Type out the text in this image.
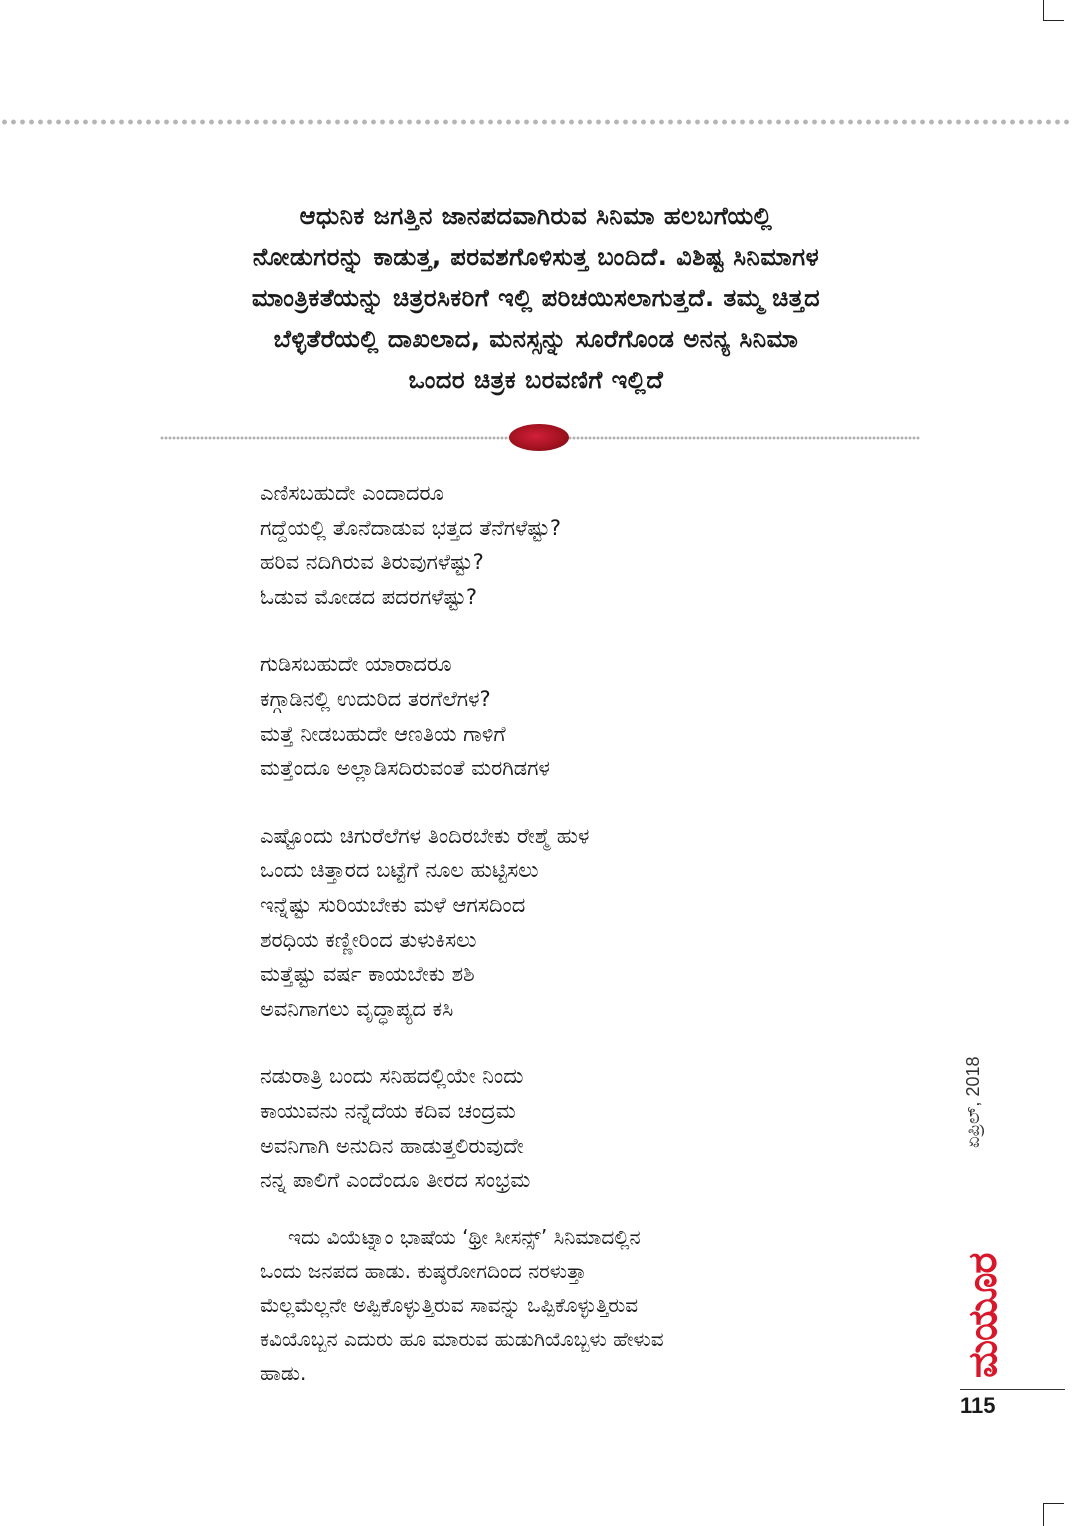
ಆಧುನಿಕ ಜಗತ್ತಿನ ಜಾನಪದವಾಗಿರುವ ಸಿನಿಮಾ ಹಲಬಗೆಯಲ್ಲಿ
ನೋಡುಗರನ್ನು ಕಾಡುತ್ತ, ಪರವಶಗೊಳಿಸುತ್ತ ಬಂದಿದೆ. ವಿಶಿಷ್ಟ ಸಿನಿಮಾಗಳ
ಮಾಂತ್ರಿಕತೆಯನ್ನು ಚಿತ್ರರಸಿಕರಿಗೆ ಇಲ್ಲಿ ಪರಿಚಯಿಸಲಾಗುತ್ತದೆ. ತಮ್ಮ ಚಿತ್ತದ
ಬೆಳ್ಳಿತೆರೆಯಲ್ಲಿ ದಾಖಲಾದ, ಮನಸ್ಸನ್ನು ಸೂರೆಗೊಂಡ ಅನನ್ಯ ಸಿನಿಮಾ
ಒಂದರ ಚಿತ್ರಕ ಬರವಣಿಗೆ ಇಲ್ಲಿದೆ
ಎಣಿಸಬಹುದೇ ಎಂದಾದರೂ
ಗದ್ದೆಯಲ್ಲಿ ತೊನೆದಾಡುವ ಭತ್ತದ ತೆನೆಗಳೆಷ್ಟು?
ಹರಿವ ನದಿಗಿರುವ ತಿರುವುಗಳೆಷ್ಟು?
ಓಡುವ ಮೋಡದ ಪದರಗಳೆಷ್ಟು?
ಗುಡಿಸಬಹುದೇ ಯಾರಾದರೂ
ಕಗ್ಗಾಡಿನಲ್ಲಿ ಉದುರಿದ ತರಗೆಲೆಗಳ?
ಮತ್ತೆ ನೀಡಬಹುದೇ ಆಣತಿಯ ಗಾಳಿಗೆ
ಮತ್ತೆಂದೂ ಅಲ್ಲಾಡಿಸದಿರುವಂತೆ ಮರಗಿಡಗಳ
ಎಷ್ಟೊಂದು ಚಿಗುರೆಲೆಗಳ ತಿಂದಿರಬೇಕು ರೇಶ್ಮೆ ಹುಳ
ಒಂದು ಚಿತ್ತಾರದ ಬಟ್ಟೆಗೆ ನೂಲ ಹುಟ್ಟಿಸಲು
ಇನ್ನೆಷ್ಟು ಸುರಿಯಬೇಕು ಮಳೆ ಆಗಸದಿಂದ
ಶರಧಿಯ ಕಣ್ಣೀರಿಂದ ತುಳುಕಿಸಲು
ಮತ್ತೆಷ್ಟು ವರ್ಷ ಕಾಯಬೇಕು ಶಶಿ
ಅವನಿಗಾಗಲು ವೃದ್ಧಾಪ್ಯದ ಕಸಿ
ನಡುರಾತ್ರಿ ಬಂದು ಸನಿಹದಲ್ಲಿಯೇ ನಿಂದು
ಕಾಯುವನು ನನ್ನೆದೆಯ ಕದಿವ ಚಂದ್ರಮ
ಅವನಿಗಾಗಿ ಅನುದಿನ ಹಾಡುತ್ತಲಿರುವುದೇ
ನನ್ನ ಪಾಲಿಗೆ ಎಂದೆಂದೂ ತೀರದ ಸಂಭ್ರಮ
ಇದು ವಿಯೆಟ್ನಾಂ ಭಾಷೆಯ ‘ಥ್ರೀ ಸೀಸನ್ಸ್’ ಸಿನಿಮಾದಲ್ಲಿನ
ಒಂದು ಜನಪದ ಹಾಡು. ಕುಷ್ಠರೋಗದಿಂದ ನರಳುತ್ತಾ
ಮೆಲ್ಲಮೆಲ್ಲನೇ ಅಪ್ಪಿಕೊಳ್ಳುತ್ತಿರುವ ಸಾವನ್ನು ಒಪ್ಪಿಕೊಳ್ಳುತ್ತಿರುವ
ಕವಿಯೊಬ್ಬನ ಎದುರು ಹೂ ಮಾರುವ ಹುಡುಗಿಯೊಬ್ಬಳು ಹೇಳುವ
ಹಾಡು.
ಏಪ್ರಿಲ್, 2018
ಮಯೂರ
115
